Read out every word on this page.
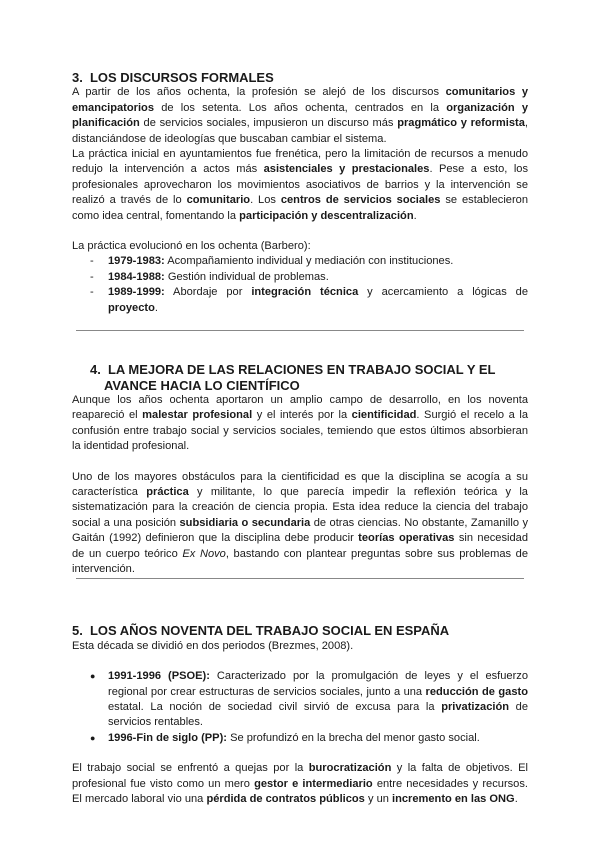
3. LOS DISCURSOS FORMALES

A partir de los años ochenta, la profesión se alejó de los discursos comunitarios y emancipatorios de los setenta. Los años ochenta, centrados en la organización y planificación de servicios sociales, impusieron un discurso más pragmático y reformista, distanciándose de ideologías que buscaban cambiar el sistema.

La práctica inicial en ayuntamientos fue frenética, pero la limitación de recursos a menudo redujo la intervención a actos más asistenciales y prestacionales. Pese a esto, los profesionales aprovecharon los movimientos asociativos de barrios y la intervención se realizó a través de lo comunitario. Los centros de servicios sociales se establecieron como idea central, fomentando la participación y descentralización.

La práctica evolucionó en los ochenta (Barbero):

- 1979-1983: Acompañamiento individual y mediación con instituciones.
- 1984-1988: Gestión individual de problemas.
- 1989-1999: Abordaje por integración técnica y acercamiento a lógicas de proyecto.
4. LA MEJORA DE LAS RELACIONES EN TRABAJO SOCIAL Y EL AVANCE HACIA LO CIENTÍFICO

Aunque los años ochenta aportaron un amplio campo de desarrollo, en los noventa reapareció el malestar profesional y el interés por la cientificidad. Surgió el recelo a la confusión entre trabajo social y servicios sociales, temiendo que estos últimos absorbieran la identidad profesional.

Uno de los mayores obstáculos para la cientificidad es que la disciplina se acogía a su característica práctica y militante, lo que parecía impedir la reflexión teórica y la sistematización para la creación de ciencia propia. Esta idea reduce la ciencia del trabajo social a una posición subsidiaria o secundaria de otras ciencias. No obstante, Zamanillo y Gaitán (1992) definieron que la disciplina debe producir teorías operativas sin necesidad de un cuerpo teórico Ex Novo, bastando con plantear preguntas sobre sus problemas de intervención.

5. LOS AÑOS NOVENTA DEL TRABAJO SOCIAL EN ESPAÑA

Esta década se dividió en dos periodos (Brezmes, 2008).

● 1991-1996 (PSOE): Caracterizado por la promulgación de leyes y el esfuerzo regional por crear estructuras de servicios sociales, junto a una reducción de gasto estatal. La noción de sociedad civil sirvió de excusa para la privatización de servicios rentables.
● 1996-Fin de siglo (PP): Se profundizó en la brecha del menor gasto social.

El trabajo social se enfrentó a quejas por la burocratización y la falta de objetivos. El profesional fue visto como un mero gestor e intermediario entre necesidades y recursos. El mercado laboral vio una pérdida de contratos públicos y un incremento en las ONG.
